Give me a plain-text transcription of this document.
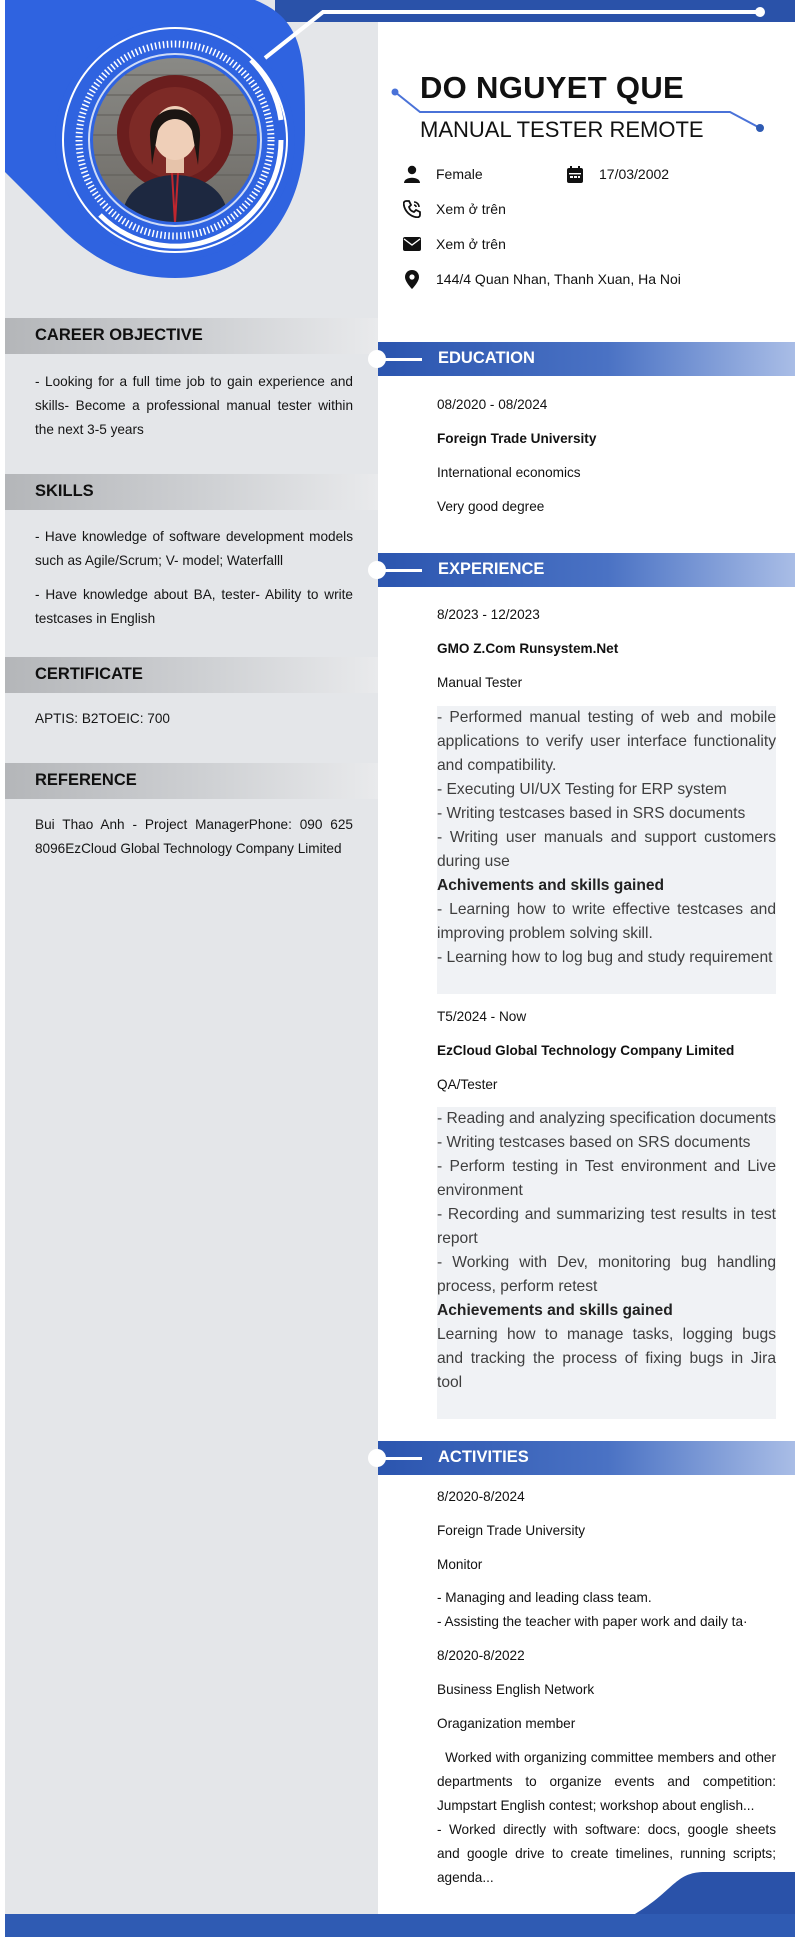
DO NGUYET QUE
MANUAL TESTER REMOTE
Female	17/03/2002
Xem ở trên
Xem ở trên
144/4 Quan Nhan, Thanh Xuan, Ha Noi
CAREER OBJECTIVE
- Looking for a full time job to gain experience and skills- Become a professional manual tester within the next 3-5 years
SKILLS
- Have knowledge of software development models such as Agile/Scrum; V- model; Waterfalll
- Have knowledge about BA, tester- Ability to write testcases in English
CERTIFICATE
APTIS: B2TOEIC: 700
REFERENCE
Bui Thao Anh - Project ManagerPhone: 090 625 8096EzCloud Global Technology Company Limited
EDUCATION
08/2020 - 08/2024
Foreign Trade University
International economics
Very good degree
EXPERIENCE
8/2023 - 12/2023
GMO Z.Com Runsystem.Net
Manual Tester
- Performed manual testing of web and mobile applications to verify user interface functionality and compatibility.
- Executing UI/UX Testing for ERP system
- Writing testcases based in SRS documents
- Writing user manuals and support customers during use
Achivements and skills gained
- Learning how to write effective testcases and improving problem solving skill.
- Learning how to log bug and study requirement
T5/2024 - Now
EzCloud Global Technology Company Limited
QA/Tester
- Reading and analyzing specification documents
- Writing testcases based on SRS documents
- Perform testing in Test environment and Live environment
- Recording and summarizing test results in test report
- Working with Dev, monitoring bug handling process, perform retest
Achievements and skills gained
Learning how to manage tasks, logging bugs and tracking the process of fixing bugs in Jira tool
ACTIVITIES
8/2020-8/2024
Foreign Trade University
Monitor
- Managing and leading class team.
- Assisting the teacher with paper work and daily ta·
8/2020-8/2022
Business English Network
Oraganization member
Worked with organizing committee members and other departments to organize events and competition: Jumpstart English contest; workshop about english...
- Worked directly with software: docs, google sheets and google drive to create timelines, running scripts; agenda...
